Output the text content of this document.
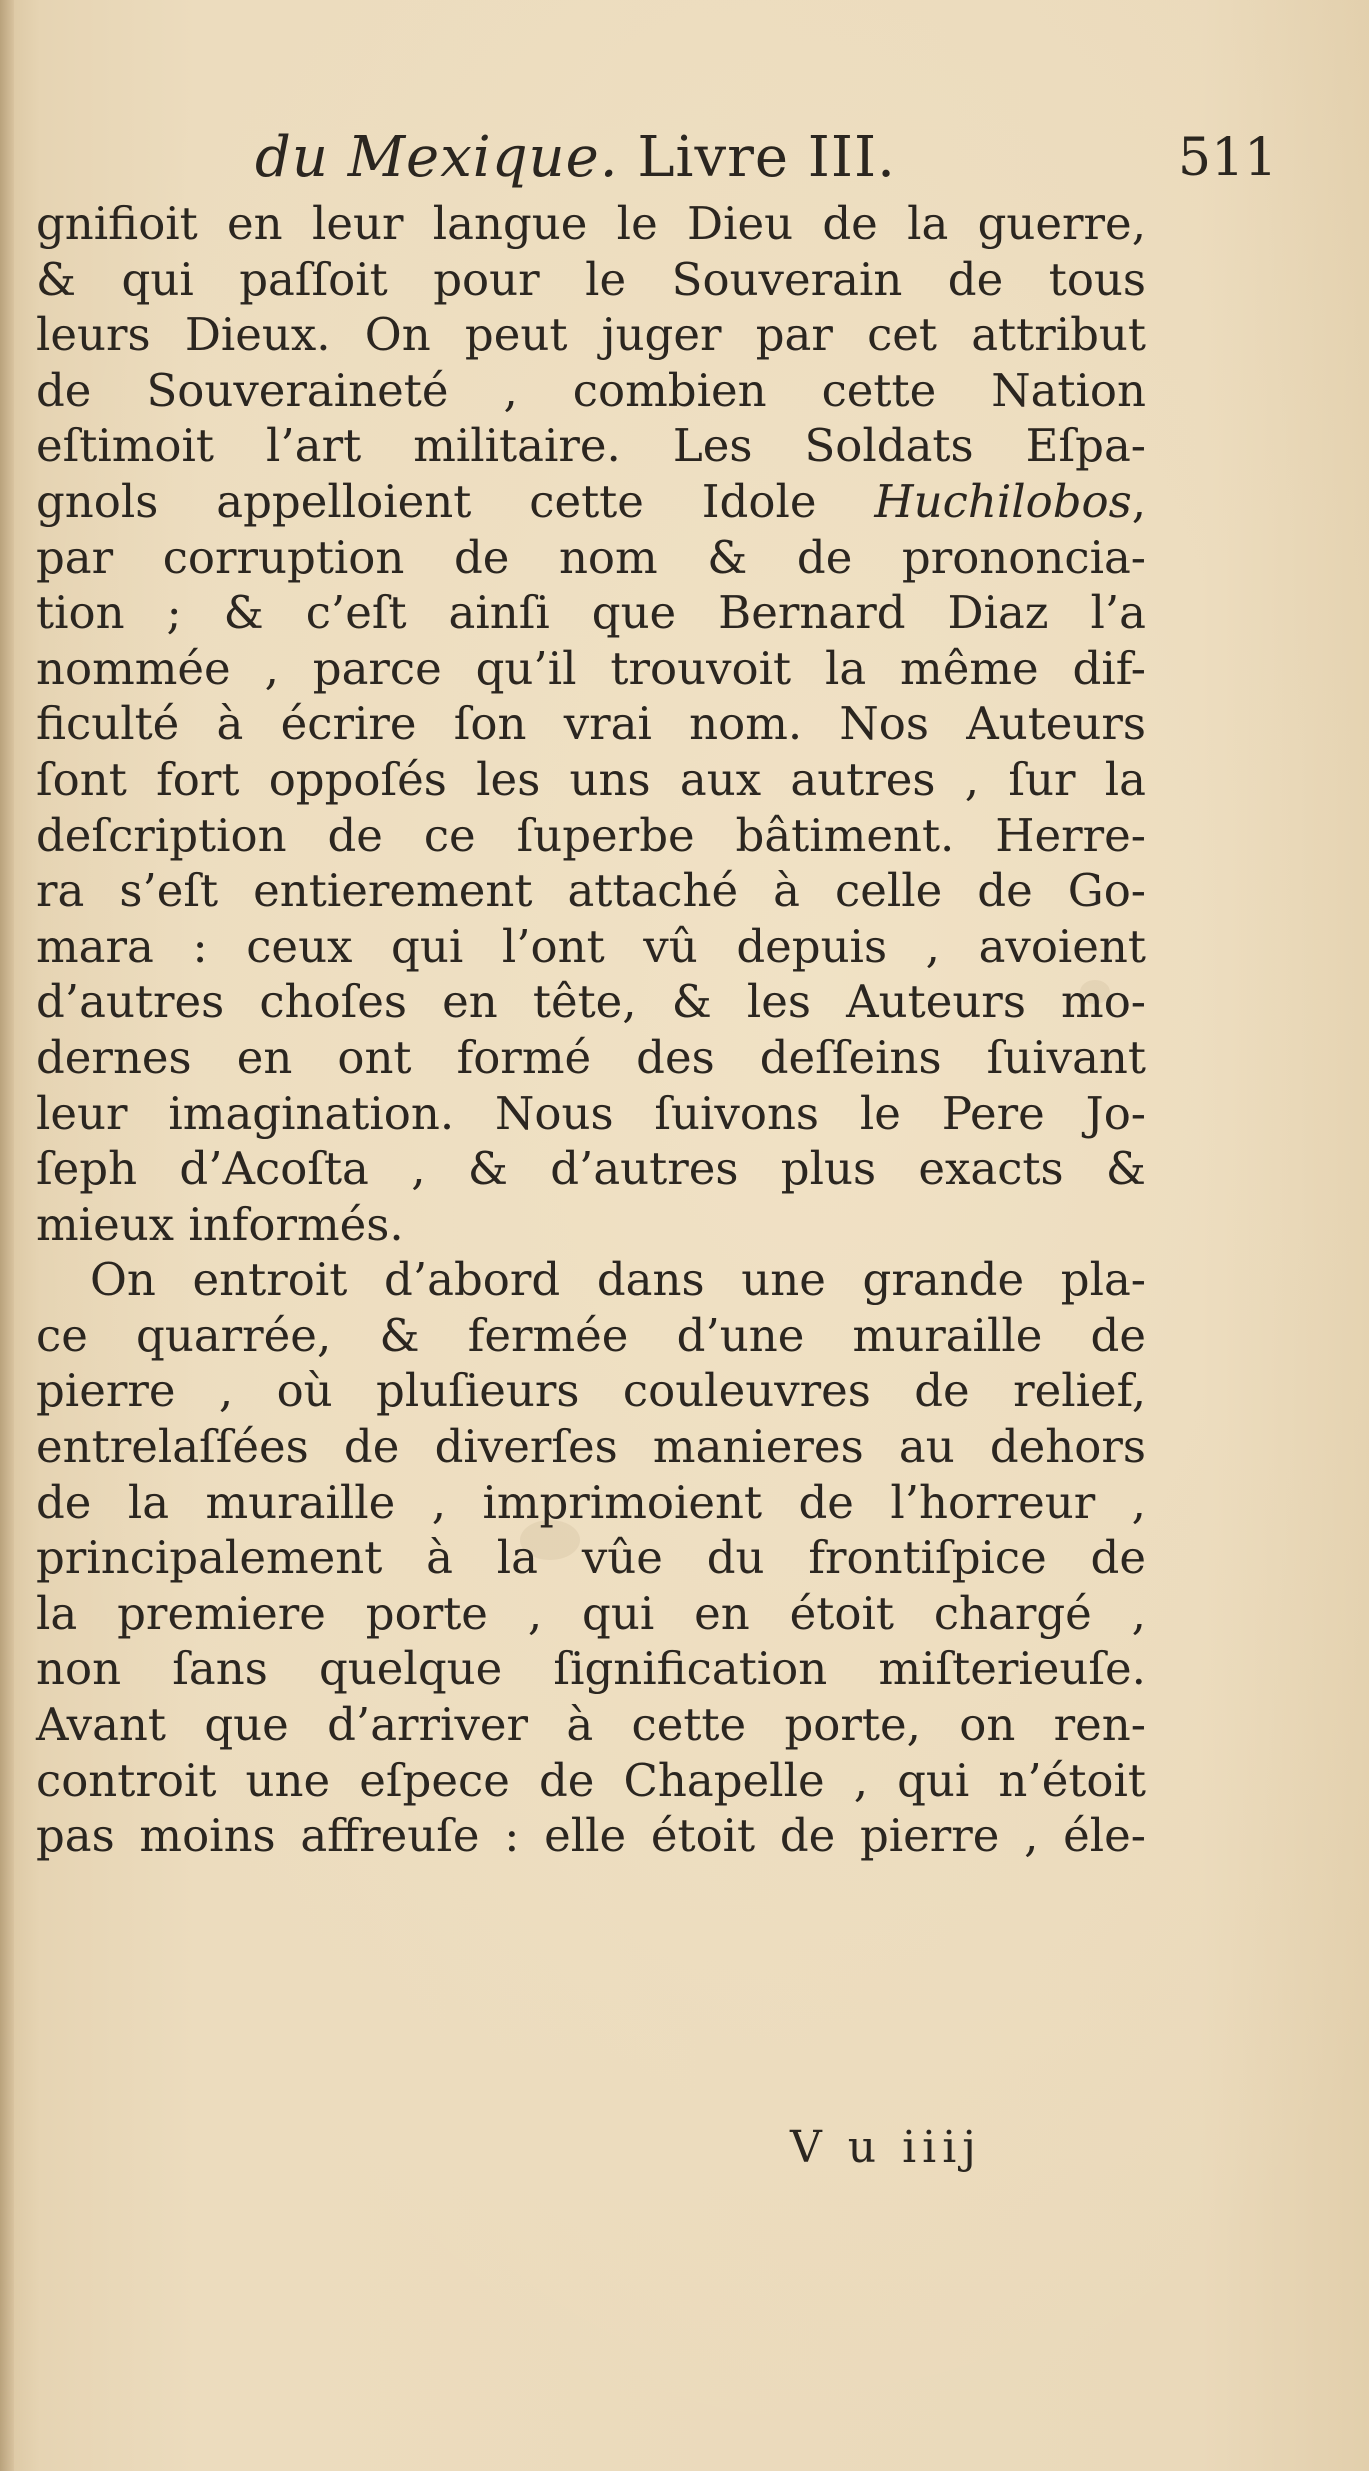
du Mexique. Livre III.	511
gnifioit en leur langue le Dieu de la guerre,
& qui paſſoit pour le Souverain de tous
leurs Dieux. On peut juger par cet attribut
de Souveraineté , combien cette Nation
eſtimoit l’art militaire. Les Soldats Eſpa-
gnols appelloient cette Idole Huchilobos,
par corruption de nom & de prononcia-
tion ; & c’eſt ainſi que Bernard Diaz l’a
nommée , parce qu’il trouvoit la même dif-
ficulté à écrire ſon vrai nom. Nos Auteurs
ſont fort oppoſés les uns aux autres , ſur la
deſcription de ce ſuperbe bâtiment. Herre-
ra s’eſt entierement attaché à celle de Go-
mara : ceux qui l’ont vû depuis , avoient
d’autres choſes en tête, & les Auteurs mo-
dernes en ont formé des deſſeins ſuivant
leur imagination. Nous ſuivons le Pere Jo-
ſeph d’Acoſta , & d’autres plus exacts &
mieux informés.
On entroit d’abord dans une grande pla-
ce quarrée, & fermée d’une muraille de
pierre , où pluſieurs couleuvres de relief,
entrelaſſées de diverſes manieres au dehors
de la muraille , imprimoient de l’horreur ,
principalement à la vûe du frontiſpice de
la premiere porte , qui en étoit chargé ,
non ſans quelque ſignification miſterieuſe.
Avant que d’arriver à cette porte, on ren-
controit une eſpece de Chapelle , qui n’étoit
pas moins affreuſe : elle étoit de pierre , éle-
V u iiij
